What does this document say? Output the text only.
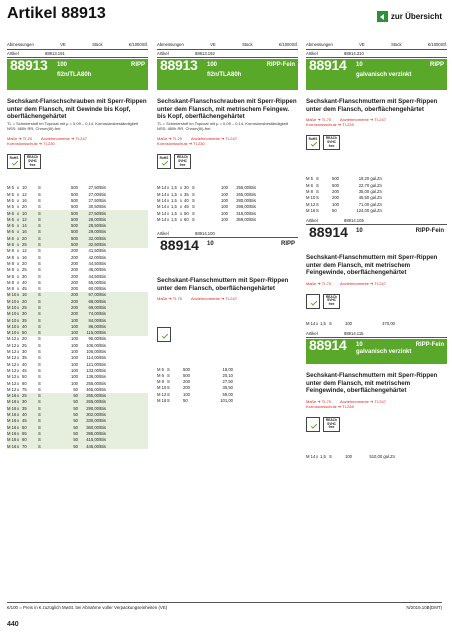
Artikel 88913	zur Übersicht
Abmessungen	VE	Stück	€/1000Stf.
Artikel	88913.191
88913 100
fl2n/TLA80h
RIPP
Sechskant-Flanschschrauben mit Sperr-Rippen unter dem Flansch, mit Gewinde bis Kopf, oberflächengehärtet
TL = Schmierstoff im Topcoat mit μ = 0,09 – 0,14, Korrosionsbeständigkeit NSS: 480h RR, Chrom(III)-frei
Maße ➔ TI-20 Anziehmomente ➔ TI-247
Korrosionsschutz ➔ TI-230
RoHS	REACh SVHC free
M 5 x 10	S	500	27,50/Bis
M 5 x 12	S	500	27,00/Bis
M 5 x 16	S	500	27,50/Bis
M 5 x 20	S	500	30,50/Bis
M 6 x 10	S	500	27,50/Bis
M 6 x 12	S	500	28,00/Bis
M 6 x 14	S	500	28,50/Bis
M 6 x 16	S	500	29,00/Bis
M 6 x 20	S	500	32,00/Bis
M 6 x 25	S	500	32,50/Bis
M 8 x 12	S	200	41,50/Bis
M 8 x 16	S	200	42,00/Bis
M 8 x 20	S	200	44,50/Bis
M 8 x 25	S	200	46,00/Bis
M 8 x 30	S	200	44,50/Bis
M 8 x 40	S	200	55,00/Bis
M 8 x 45	S	200	60,00/Bis
M 10 x 16	S	200	67,00/Bis
M 10 x 20	S	200	68,00/Bis
M 10 x 25	S	200	69,00/Bis
M 10 x 30	S	200	74,00/Bis
M 10 x 35	S	100	84,00/Bis
M 10 x 40	S	100	86,00/Bis
M 10 x 50	S	100	115,00/Bis
M 12 x 20	S	100	95,00/Bis
M 12 x 25	S	100	106,00/Bis
M 12 x 30	S	100	106,00/Bis
M 12 x 35	S	100	114,00/Bis
M 12 x 40	S	100	121,00/Bis
M 12 x 45	S	100	133,00/Bis
M 12 x 50	S	100	138,00/Bis
M 12 x 60	S	100	255,00/Bis
M 12 x 75	S	50	465,00/Bis
M 16 x 25	S	50	265,00/Bis
M 16 x 30	S	50	265,00/Bis
M 16 x 35	S	50	290,00/Bis
M 16 x 40	S	50	302,00/Bis
M 16 x 45	S	50	330,00/Bis
M 16 x 50	S	50	360,00/Bis
M 16 x 55	S	50	395,00/Bis
M 16 x 60	S	50	415,00/Bis
M 16 x 70	S	50	445,00/Bis
Abmessungen	VE	Stück	€/1000Stf.
Artikel	88913.192
88913 100
fl2n/TLA80h
RIPP-Fein
Sechskant-Flanschschrauben mit Sperr-Rippen unter dem Flansch, mit metrischem Feingew. bis Kopf, oberflächengehärtet
TL = Schmierstoff im Topcoat mit μ = 0,09 – 0,14, Korrosionsbeständigkeit NSS: 480h RR, Chrom(III)-frei
Maße ➔ TI-20 Anziehmomente ➔ TI-247
Korrosionsschutz ➔ TI-230
RoHS	REACh SVHC free
M 14 x 1,5 x 30 S	100	255,00/Bis
M 14 x 1,5 x 35 S	100	265,00/Bis
M 14 x 1,5 x 40 S	100	280,00/Bis
M 14 x 1,5 x 45 S	100	298,00/Bis
M 14 x 1,5 x 50 S	100	315,00/Bis
M 14 x 1,5 x 60 S	100	369,00/Bis
Artikel	88914.100
88914 10	RIPP
Sechskant-Flanschmuttern mit Sperr-Rippen unter dem Flansch, oberflächengehärtet
Maße ➔ TI-70 Anziehmomente ➔ TI-247
M 5 S	500	18,00
M 6 S	500	20,10
M 8 S	200	27,50
M 10 S	200	35,50
M 12 S	100	59,00
M 16 S	50	101,00
Abmessungen	VE	Stück	€/1000Stf.
Artikel	88914.310
88914 10
galvanisch verzinkt
RIPP
Sechskant-Flanschmuttern mit Sperr-Rippen unter dem Flansch, oberflächengehärtet
Maße ➔ TI-70 Anziehmomente ➔ TI-247
Korrosionsschutz ➔ TI-228
RoHS	REACh SVHC free
M 5 S	500	19,20 gal.Zn
M 6 S	500	22,70 gal.Zn
M 8 S	200	35,00 gal.Zn
M 10 S	200	45,50 gal.Zn
M 12 S	100	71,00 gal.Zn
M 16 S	50	124,00 gal.Zn
Artikel	88914.105
88914 10	RIPP-Fein
Sechskant-Flanschmuttern mit Sperr-Rippen unter dem Flansch, mit metrischem Feingewinde, oberflächengehärtet
Maße ➔ TI-70 Anziehmomente ➔ TI-247
REACh SVHC free
M 14 x 1,5 S	100	470,00
Artikel	88914.115
88914 10
galvanisch verzinkt
RIPP-Fein
Sechskant-Flanschmuttern mit Sperr-Rippen unter dem Flansch, mit metrischem Feingewinde, oberflächengehärtet
Maße ➔ TI-70 Anziehmomente ➔ TI-247
Korrosionsschutz ➔ TI-228
REACh SVHC free
M 14 x 1,5 S	100	510,00 gal.Zn
€/100 = Preis in € zuzüglich MwSt. bei Abnahme voller Verpackungseinheiten (VE)	N/2019.10B(DMT)
440
